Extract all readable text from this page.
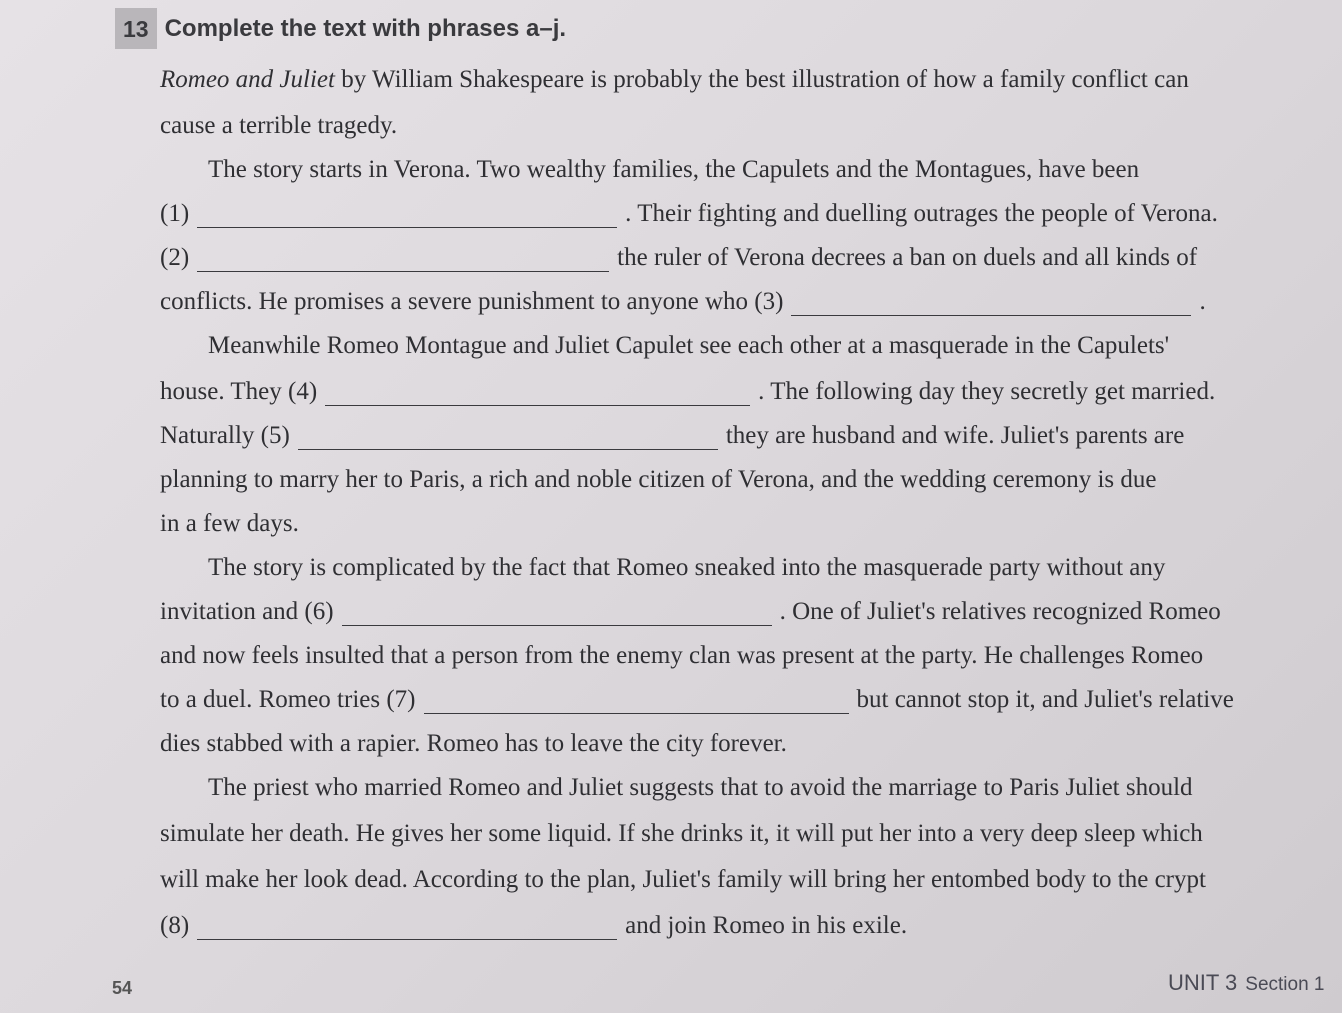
13 Complete the text with phrases a–j.
Romeo and Juliet
by William Shakespeare is probably the best illustration of how a family conflict can
cause a terrible tragedy.
The story starts in Verona. Two wealthy families, the Capulets and the Montagues, have been
(1)	. Their fighting and duelling outrages the people of Verona.
(2)	the ruler of Verona decrees a ban on duels and all kinds of
conflicts. He promises a severe punishment to anyone who (3)	.
Meanwhile Romeo Montague and Juliet Capulet see each other at a masquerade in the Capulets'
house. They (4)	. The following day they secretly get married.
Naturally (5)	they are husband and wife. Juliet's parents are
planning to marry her to Paris, a rich and noble citizen of Verona, and the wedding ceremony is due
in a few days.
The story is complicated by the fact that Romeo sneaked into the masquerade party without any
invitation and (6)	. One of Juliet's relatives recognized Romeo
and now feels insulted that a person from the enemy clan was present at the party. He challenges Romeo
to a duel. Romeo tries (7)	but cannot stop it, and Juliet's relative
dies stabbed with a rapier. Romeo has to leave the city forever.
The priest who married Romeo and Juliet suggests that to avoid the marriage to Paris Juliet should
simulate her death. He gives her some liquid. If she drinks it, it will put her into a very deep sleep which
will make her look dead. According to the plan, Juliet's family will bring her entombed body to the crypt
(8)	and join Romeo in his exile.
54	UNIT 3 Section 1
